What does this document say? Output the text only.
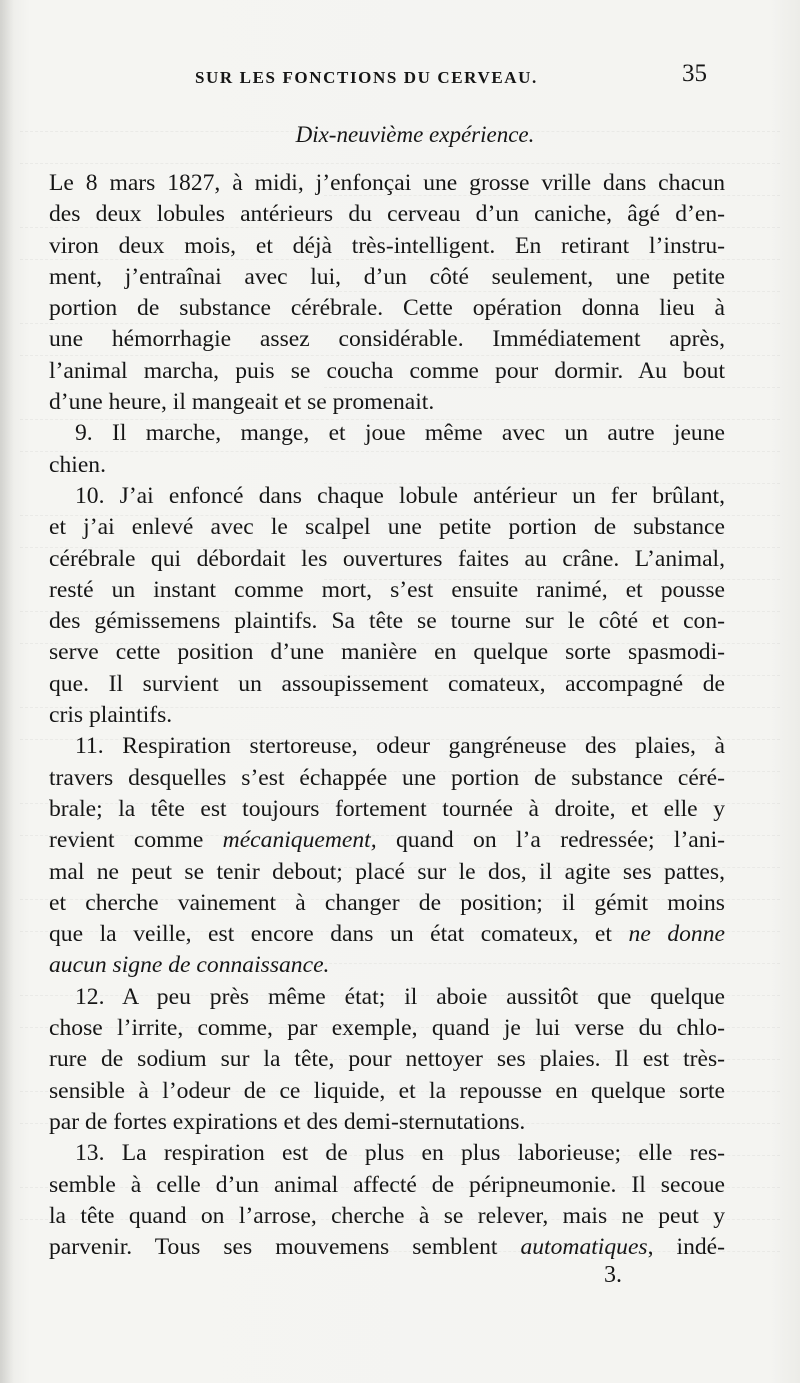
SUR LES FONCTIONS DU CERVEAU.	35
Dix-neuvième expérience.
Le 8 mars 1827, à midi, j’enfonçai une grosse vrille dans chacun
des deux lobules antérieurs du cerveau d’un caniche, âgé d’en-
viron deux mois, et déjà très-intelligent. En retirant l’instru-
ment, j’entraînai avec lui, d’un côté seulement, une petite
portion de substance cérébrale. Cette opération donna lieu à
une hémorrhagie assez considérable. Immédiatement après,
l’animal marcha, puis se coucha comme pour dormir. Au bout
d’une heure, il mangeait et se promenait.
9. Il marche, mange, et joue même avec un autre jeune
chien.
10. J’ai enfoncé dans chaque lobule antérieur un fer brûlant,
et j’ai enlevé avec le scalpel une petite portion de substance
cérébrale qui débordait les ouvertures faites au crâne. L’animal,
resté un instant comme mort, s’est ensuite ranimé, et pousse
des gémissemens plaintifs. Sa tête se tourne sur le côté et con-
serve cette position d’une manière en quelque sorte spasmodi-
que. Il survient un assoupissement comateux, accompagné de
cris plaintifs.
11. Respiration stertoreuse, odeur gangréneuse des plaies, à
travers desquelles s’est échappée une portion de substance céré-
brale; la tête est toujours fortement tournée à droite, et elle y
revient comme mécaniquement, quand on l’a redressée; l’ani-
mal ne peut se tenir debout; placé sur le dos, il agite ses pattes,
et cherche vainement à changer de position; il gémit moins
que la veille, est encore dans un état comateux, et ne donne
aucun signe de connaissance.
12. A peu près même état; il aboie aussitôt que quelque
chose l’irrite, comme, par exemple, quand je lui verse du chlo-
rure de sodium sur la tête, pour nettoyer ses plaies. Il est très-
sensible à l’odeur de ce liquide, et la repousse en quelque sorte
par de fortes expirations et des demi-sternutations.
13. La respiration est de plus en plus laborieuse; elle res-
semble à celle d’un animal affecté de péripneumonie. Il secoue
la tête quand on l’arrose, cherche à se relever, mais ne peut y
parvenir. Tous ses mouvemens semblent automatiques, indé-
3.
